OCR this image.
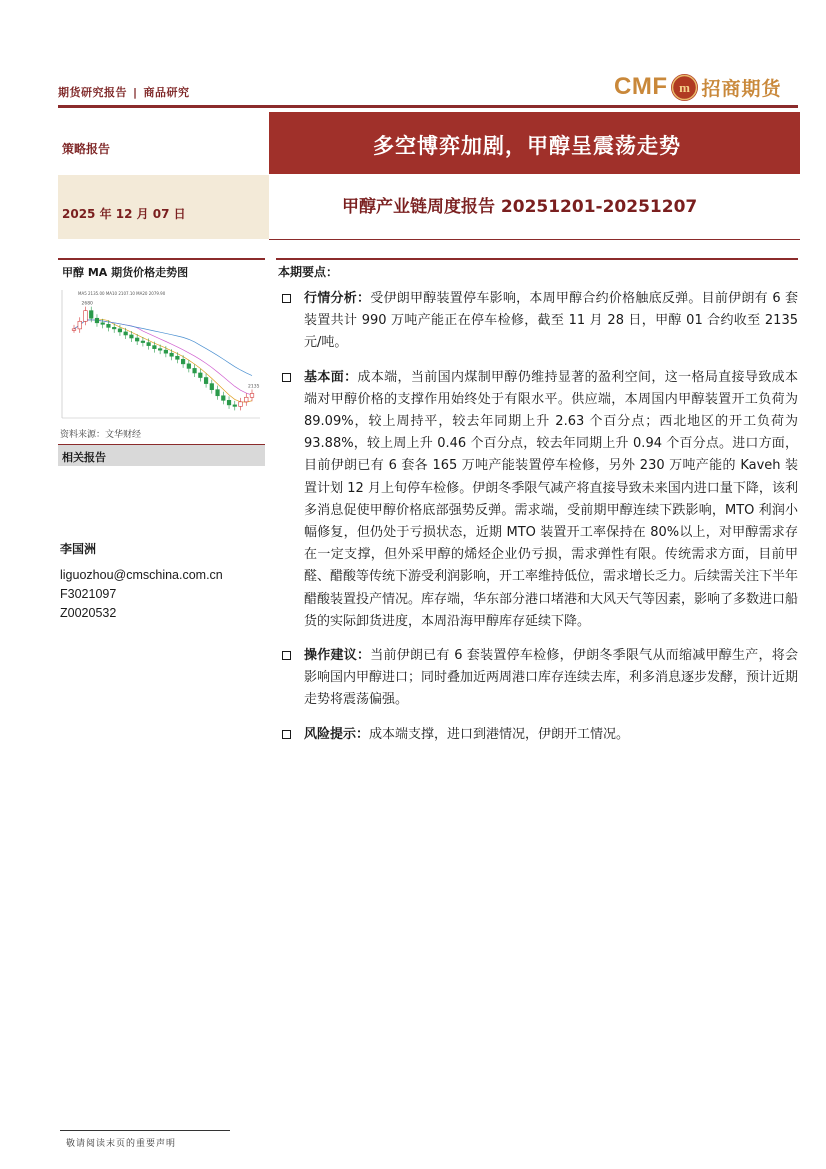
期货研究报告 | 商品研究	CMF m 招商期货
策略报告	多空博弈加剧，甲醇呈震荡走势
2025 年 12 月 07 日	甲醇产业链周度报告 20251201-20251207
甲醇 MA 期货价格走势图
MA5 2135.00 MA10 2107.10 MA20 2079.90
2680
2135
资料来源：文华财经
相关报告
李国洲
liguozhou@cmschina.com.cn
F3021097
Z0020532
本期要点：
行情分析：受伊朗甲醇装置停车影响，本周甲醇合约价格触底反弹。目前伊朗有 6 套装置共计 990 万吨产能正在停车检修，截至 11 月 28 日，甲醇 01 合约收至 2135 元/吨。
基本面：成本端，当前国内煤制甲醇仍维持显著的盈利空间，这一格局直接导致成本端对甲醇价格的支撑作用始终处于有限水平。供应端，本周国内甲醇装置开工负荷为 89.09%，较上周持平，较去年同期上升 2.63 个百分点；西北地区的开工负荷为 93.88%，较上周上升 0.46 个百分点，较去年同期上升 0.94 个百分点。进口方面，目前伊朗已有 6 套各 165 万吨产能装置停车检修，另外 230 万吨产能的 Kaveh 装置计划 12 月上旬停车检修。伊朗冬季限气减产将直接导致未来国内进口量下降，该利多消息促使甲醇价格底部强势反弹。需求端，受前期甲醇连续下跌影响，MTO 利润小幅修复，但仍处于亏损状态，近期 MTO 装置开工率保持在 80%以上，对甲醇需求存在一定支撑，但外采甲醇的烯烃企业仍亏损，需求弹性有限。传统需求方面，目前甲醛、醋酸等传统下游受利润影响，开工率维持低位，需求增长乏力。后续需关注下半年醋酸装置投产情况。库存端，华东部分港口堵港和大风天气等因素，影响了多数进口船货的实际卸货进度，本周沿海甲醇库存延续下降。
操作建议：当前伊朗已有 6 套装置停车检修，伊朗冬季限气从而缩减甲醇生产，将会影响国内甲醇进口；同时叠加近两周港口库存连续去库，利多消息逐步发酵，预计近期走势将震荡偏强。
风险提示：成本端支撑，进口到港情况，伊朗开工情况。
敬请阅读末页的重要声明
